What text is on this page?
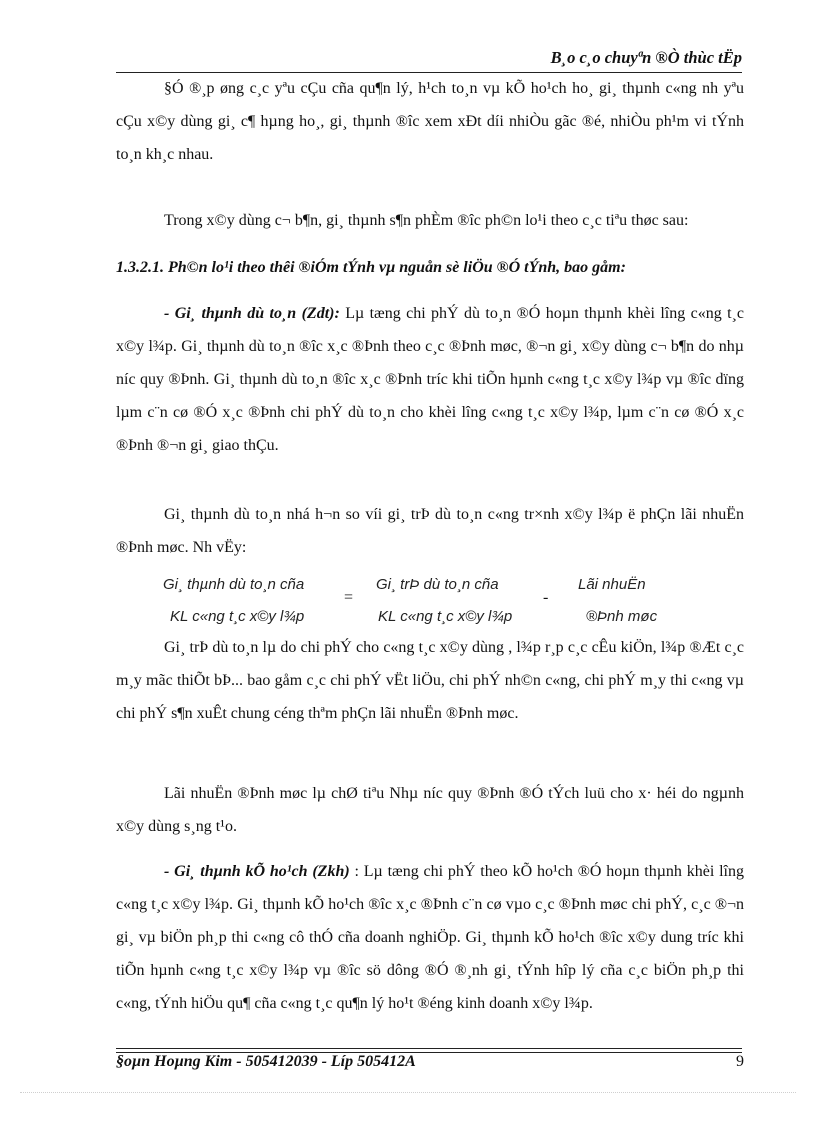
B¸o c¸o chuyªn ®Ò thùc tËp

§Ó ®¸p øng c¸c yªu cÇu cña qu¶n lý, h¹ch to¸n vµ kÕ ho¹ch ho¸ gi¸ thµnh c«ng nh yªu cÇu x©y dùng gi¸ c¶ hµng ho¸, gi¸ thµnh ®îc xem xÐt díi nhiÒu gãc ®é, nhiÒu ph¹m vi tÝnh to¸n kh¸c nhau.

Trong x©y dùng c¬ b¶n, gi¸ thµnh s¶n phÈm ®îc ph©n lo¹i theo c¸c tiªu thøc sau:

1.3.2.1. Ph©n lo¹i theo thêi ®iÓm tÝnh vµ nguån sè liÖu ®Ó tÝnh, bao gåm:

- Gi¸ thµnh dù to¸n (Zdt): Lµ tæng chi phÝ dù to¸n ®Ó hoµn thµnh khèi lîng c«ng t¸c x©y l¾p. Gi¸ thµnh dù to¸n ®îc x¸c ®Þnh theo c¸c ®Þnh møc, ®¬n gi¸ x©y dùng c¬ b¶n do nhµ níc quy ®Þnh. Gi¸ thµnh dù to¸n ®îc x¸c ®Þnh tríc khi tiÕn hµnh c«ng t¸c x©y l¾p vµ ®îc dïng lµm c¨n cø ®Ó x¸c ®Þnh chi phÝ dù to¸n cho khèi lîng c«ng t¸c x©y l¾p, lµm c¨n cø ®Ó x¸c ®Þnh ®¬n gi¸ giao thÇu.

Gi¸ thµnh dù to¸n nhá h¬n so víi gi¸ trÞ dù to¸n c«ng tr×nh x©y l¾p ë phÇn lãi nhuËn ®Þnh møc. Nh vËy:

Gi¸ thµnh dù to¸n cña
KL c«ng t¸c x©y l¾p
=
Gi¸ trÞ dù to¸n cña
KL c«ng t¸c x©y l¾p
-
Lãi nhuËn
®Þnh møc

Gi¸ trÞ dù to¸n lµ do chi phÝ cho c«ng t¸c x©y dùng , l¾p r¸p c¸c cÊu kiÖn, l¾p ®Æt c¸c m¸y mãc thiÕt bÞ... bao gåm c¸c chi phÝ vËt liÖu, chi phÝ nh©n c«ng, chi phÝ m¸y thi c«ng vµ chi phÝ s¶n xuÊt chung céng thªm phÇn lãi nhuËn ®Þnh møc.

Lãi nhuËn ®Þnh møc lµ chØ tiªu Nhµ níc quy ®Þnh ®Ó tÝch luü cho x· héi do ngµnh x©y dùng s¸ng t¹o.

- Gi¸ thµnh kÕ ho¹ch (Zkh) : Lµ tæng chi phÝ theo kÕ ho¹ch ®Ó hoµn thµnh khèi lîng c«ng t¸c x©y l¾p. Gi¸ thµnh kÕ ho¹ch ®îc x¸c ®Þnh c¨n cø vµo c¸c ®Þnh møc chi phÝ, c¸c ®¬n gi¸ vµ biÖn ph¸p thi c«ng cô thÓ cña doanh nghiÖp. Gi¸ thµnh kÕ ho¹ch ®îc x©y dung tríc khi tiÕn hµnh c«ng t¸c x©y l¾p vµ ®îc sö dông ®Ó ®¸nh gi¸ tÝnh hîp lý cña c¸c biÖn ph¸p thi c«ng, tÝnh hiÖu qu¶ cña c«ng t¸c qu¶n lý ho¹t ®éng kinh doanh x©y l¾p.

§oµn Hoµng Kim - 505412039 - Líp 505412A	9
